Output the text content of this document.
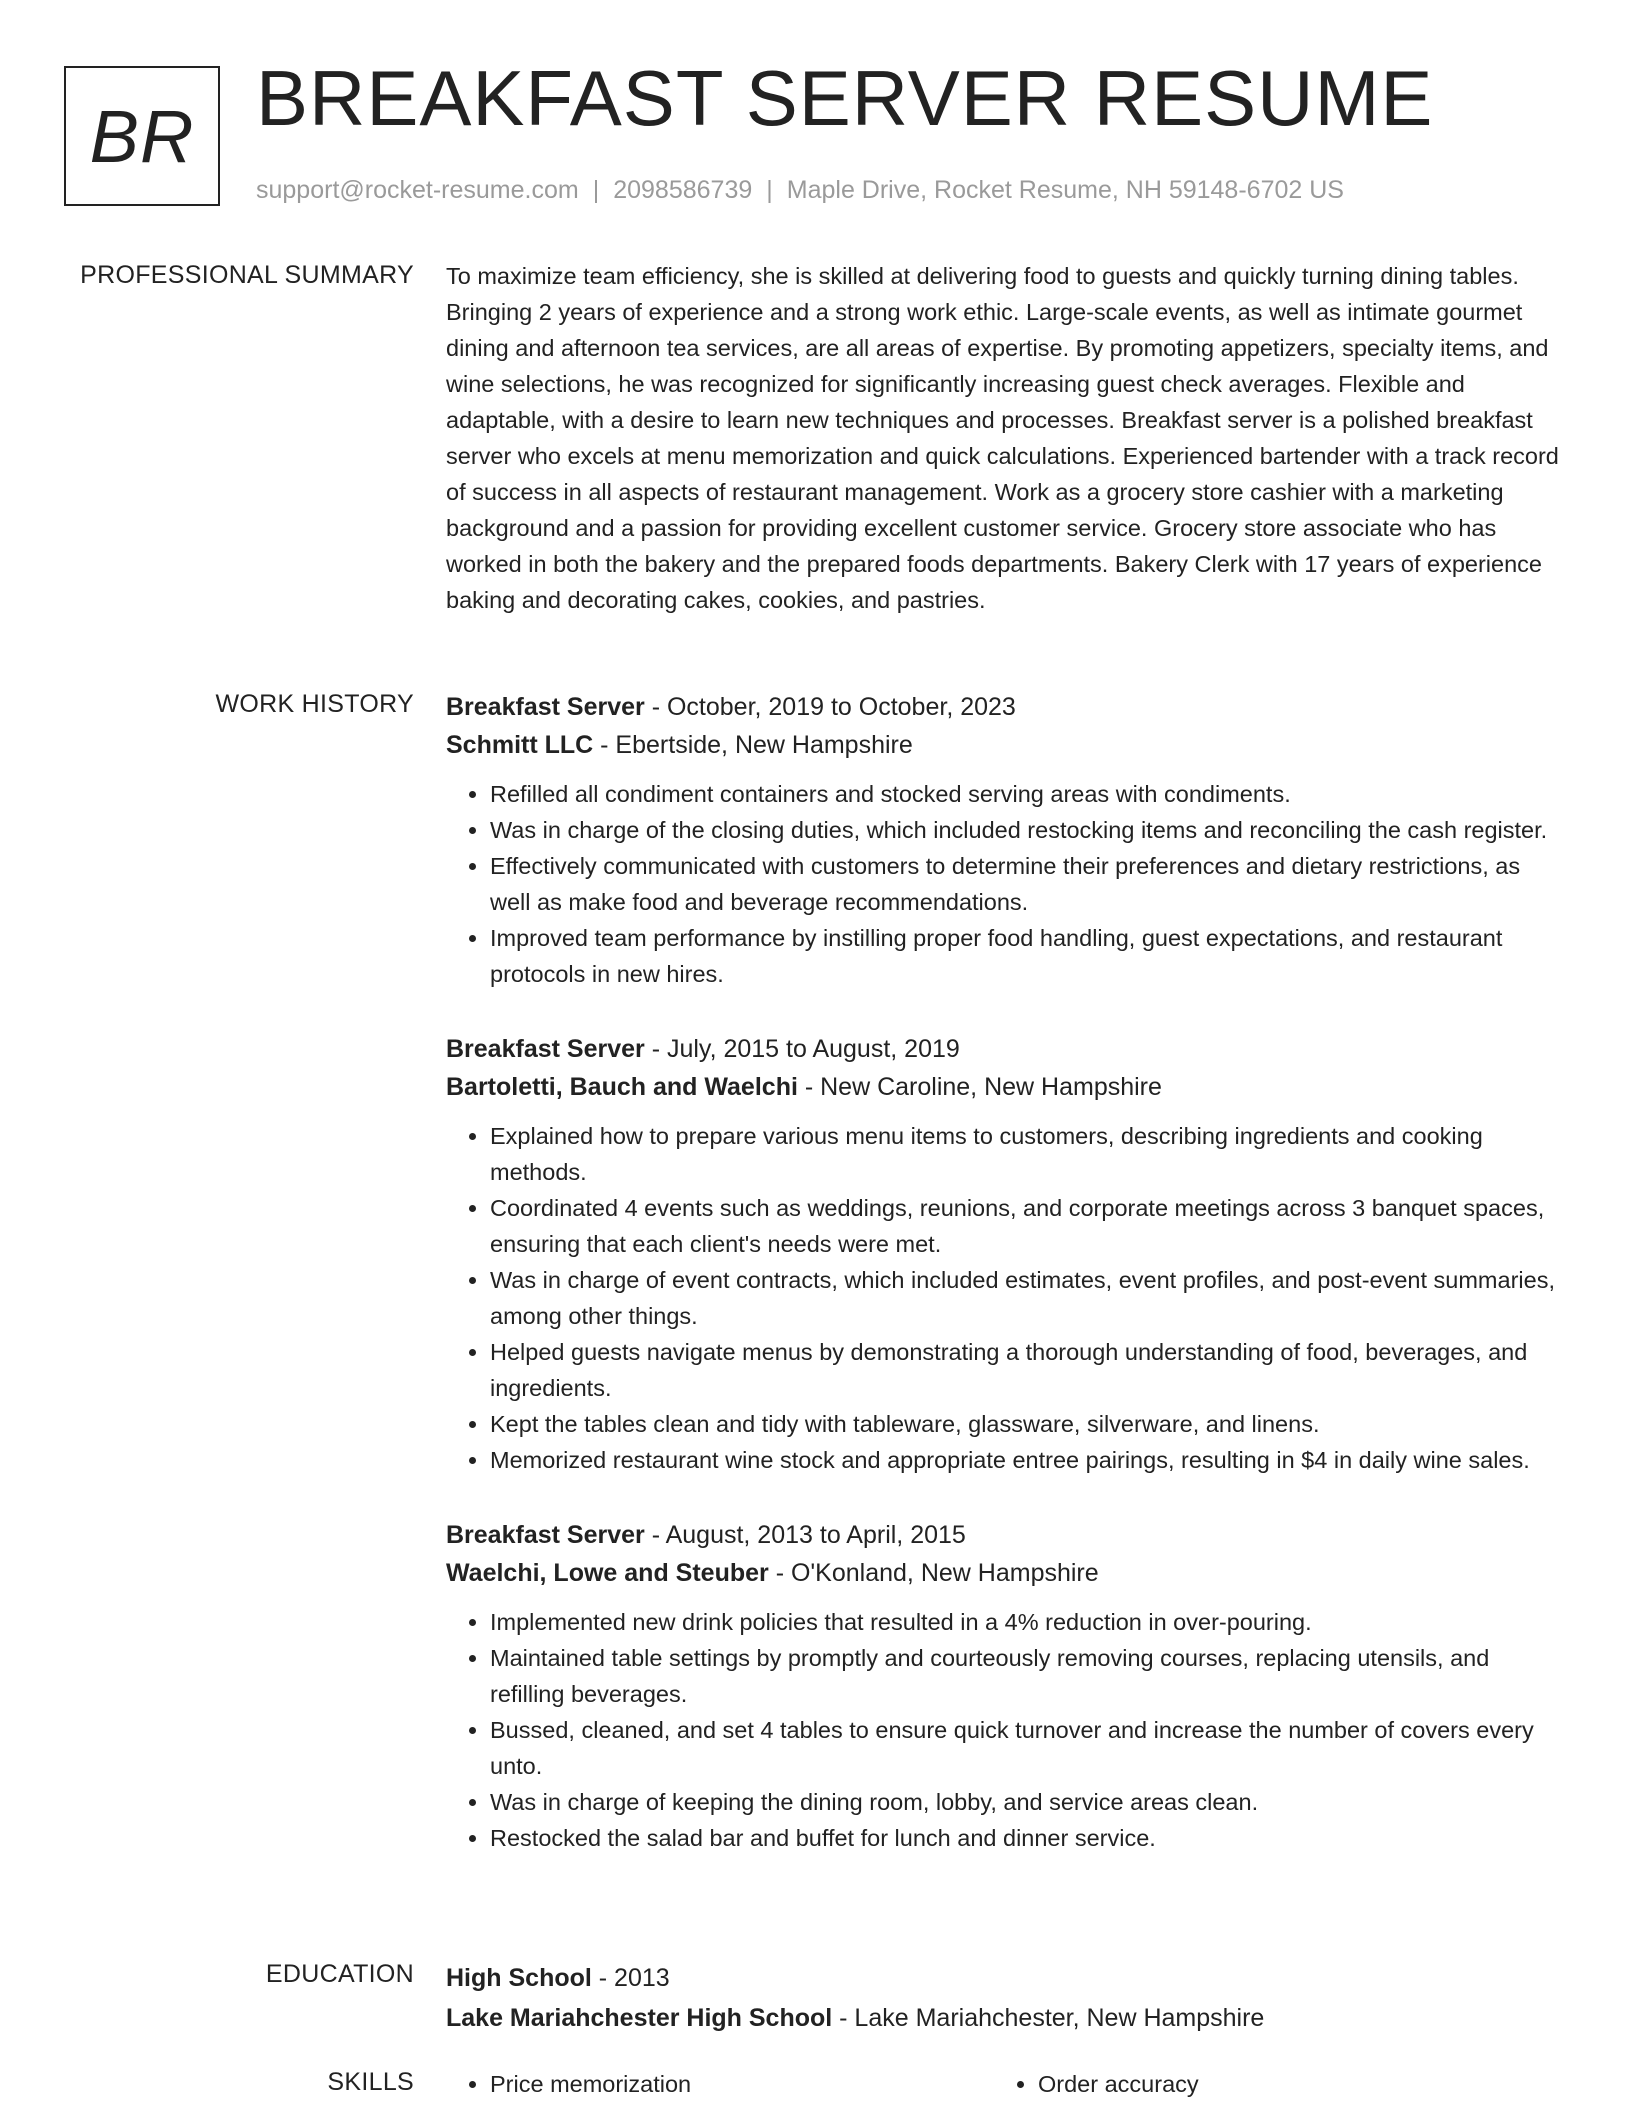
BR BREAKFAST SERVER RESUME
support@rocket-resume.com | 2098586739 | Maple Drive, Rocket Resume, NH 59148-6702 US
PROFESSIONAL SUMMARY To maximize team efficiency, she is skilled at delivering food to guests and quickly turning dining tables. Bringing 2 years of experience and a strong work ethic. Large-scale events, as well as intimate gourmet dining and afternoon tea services, are all areas of expertise. By promoting appetizers, specialty items, and wine selections, he was recognized for significantly increasing guest check averages. Flexible and adaptable, with a desire to learn new techniques and processes. Breakfast server is a polished breakfast server who excels at menu memorization and quick calculations. Experienced bartender with a track record of success in all aspects of restaurant management. Work as a grocery store cashier with a marketing background and a passion for providing excellent customer service. Grocery store associate who has worked in both the bakery and the prepared foods departments. Bakery Clerk with 17 years of experience baking and decorating cakes, cookies, and pastries.

WORK HISTORY Breakfast Server - October, 2019 to October, 2023
Schmitt LLC - Ebertside, New Hampshire
• Refilled all condiment containers and stocked serving areas with condiments.
• Was in charge of the closing duties, which included restocking items and reconciling the cash register.
• Effectively communicated with customers to determine their preferences and dietary restrictions, as well as make food and beverage recommendations.
• Improved team performance by instilling proper food handling, guest expectations, and restaurant protocols in new hires.
Breakfast Server - July, 2015 to August, 2019
Bartoletti, Bauch and Waelchi - New Caroline, New Hampshire
• Explained how to prepare various menu items to customers, describing ingredients and cooking methods.
• Coordinated 4 events such as weddings, reunions, and corporate meetings across 3 banquet spaces, ensuring that each client's needs were met.
• Was in charge of event contracts, which included estimates, event profiles, and post-event summaries, among other things.
• Helped guests navigate menus by demonstrating a thorough understanding of food, beverages, and ingredients.
• Kept the tables clean and tidy with tableware, glassware, silverware, and linens.
• Memorized restaurant wine stock and appropriate entree pairings, resulting in $4 in daily wine sales.
Breakfast Server - August, 2013 to April, 2015
Waelchi, Lowe and Steuber - O'Konland, New Hampshire
• Implemented new drink policies that resulted in a 4% reduction in over-pouring.
• Maintained table settings by promptly and courteously removing courses, replacing utensils, and refilling beverages.
• Bussed, cleaned, and set 4 tables to ensure quick turnover and increase the number of covers every unto.
• Was in charge of keeping the dining room, lobby, and service areas clean.
• Restocked the salad bar and buffet for lunch and dinner service.
EDUCATION High School - 2013
Lake Mariahchester High School - Lake Mariahchester, New Hampshire
SKILLS	• Price memorization	• Order accuracy
